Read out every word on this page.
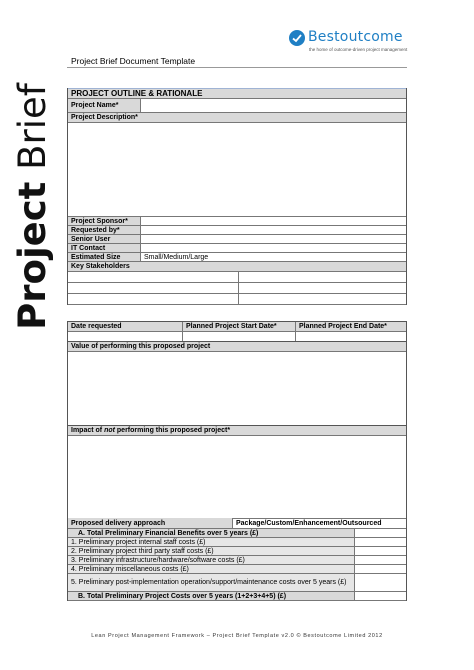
Bestoutcome
the home of outcome-driven project management
Project Brief Document Template
Project Brief	PROJECT OUTLINE & RATIONALE
Project Name*
Project Description*
Project Sponsor*
Requested by*
Senior User
IT Contact
Estimated Size	Small/Medium/Large
Key Stakeholders
Date requested	Planned Project Start Date*	Planned Project End Date*
Value of performing this proposed project
Impact of not performing this proposed project*
Proposed delivery approach	Package/Custom/Enhancement/Outsourced
A. Total Preliminary Financial Benefits over 5 years (£)
1. Preliminary project internal staff costs (£)
2. Preliminary project third party staff costs (£)
3. Preliminary infrastructure/hardware/software costs (£)
4. Preliminary miscellaneous costs (£)
5. Preliminary post-implementation operation/support/maintenance costs over 5 years (£)
B. Total Preliminary Project Costs over 5 years (1+2+3+4+5) (£)
Lean Project Management Framework – Project Brief Template v2.0 © Bestoutcome Limited 2012
